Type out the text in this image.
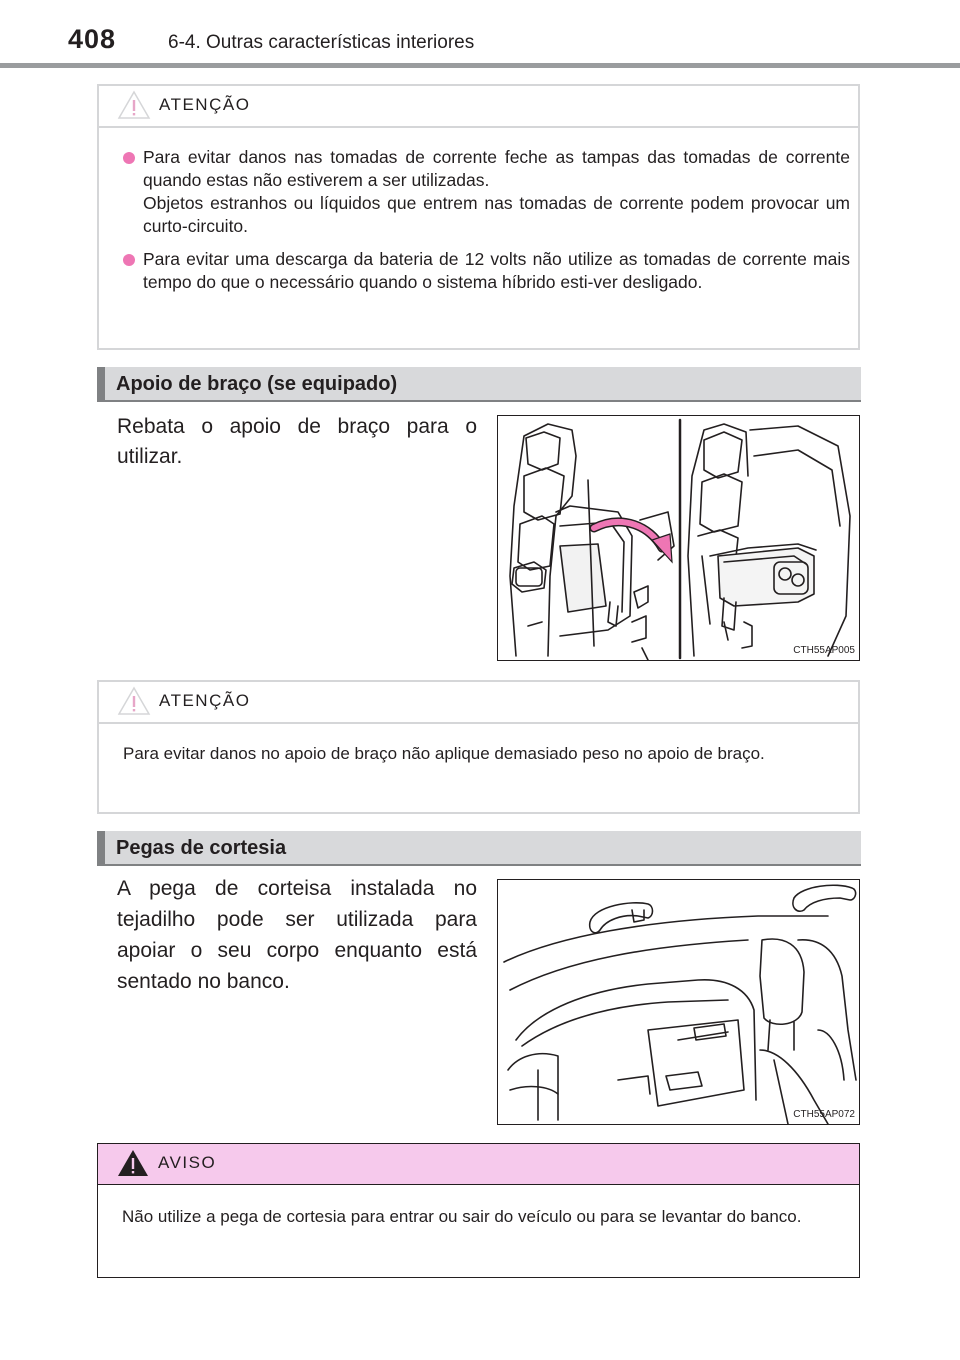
408	6-4. Outras características interiores
ATENÇÃO
Para evitar danos nas tomadas de corrente feche as tampas das tomadas de corrente quando estas não estiverem a ser utilizadas.
Objetos estranhos ou líquidos que entrem nas tomadas de corrente podem provocar um curto-circuito.
Para evitar uma descarga da bateria de 12 volts não utilize as tomadas de corrente mais tempo do que o necessário quando o sistema híbrido esti-ver desligado.
Apoio de braço (se equipado)
Rebata o apoio de braço para o utilizar.
CTH55AP005
ATENÇÃO
Para evitar danos no apoio de braço não aplique demasiado peso no apoio de braço.
Pegas de cortesia
A pega de corteisa instalada no tejadilho pode ser utilizada para apoiar o seu corpo enquanto está sentado no banco.
CTH55AP072
AVISO
Não utilize a pega de cortesia para entrar ou sair do veículo ou para se levantar do banco.
